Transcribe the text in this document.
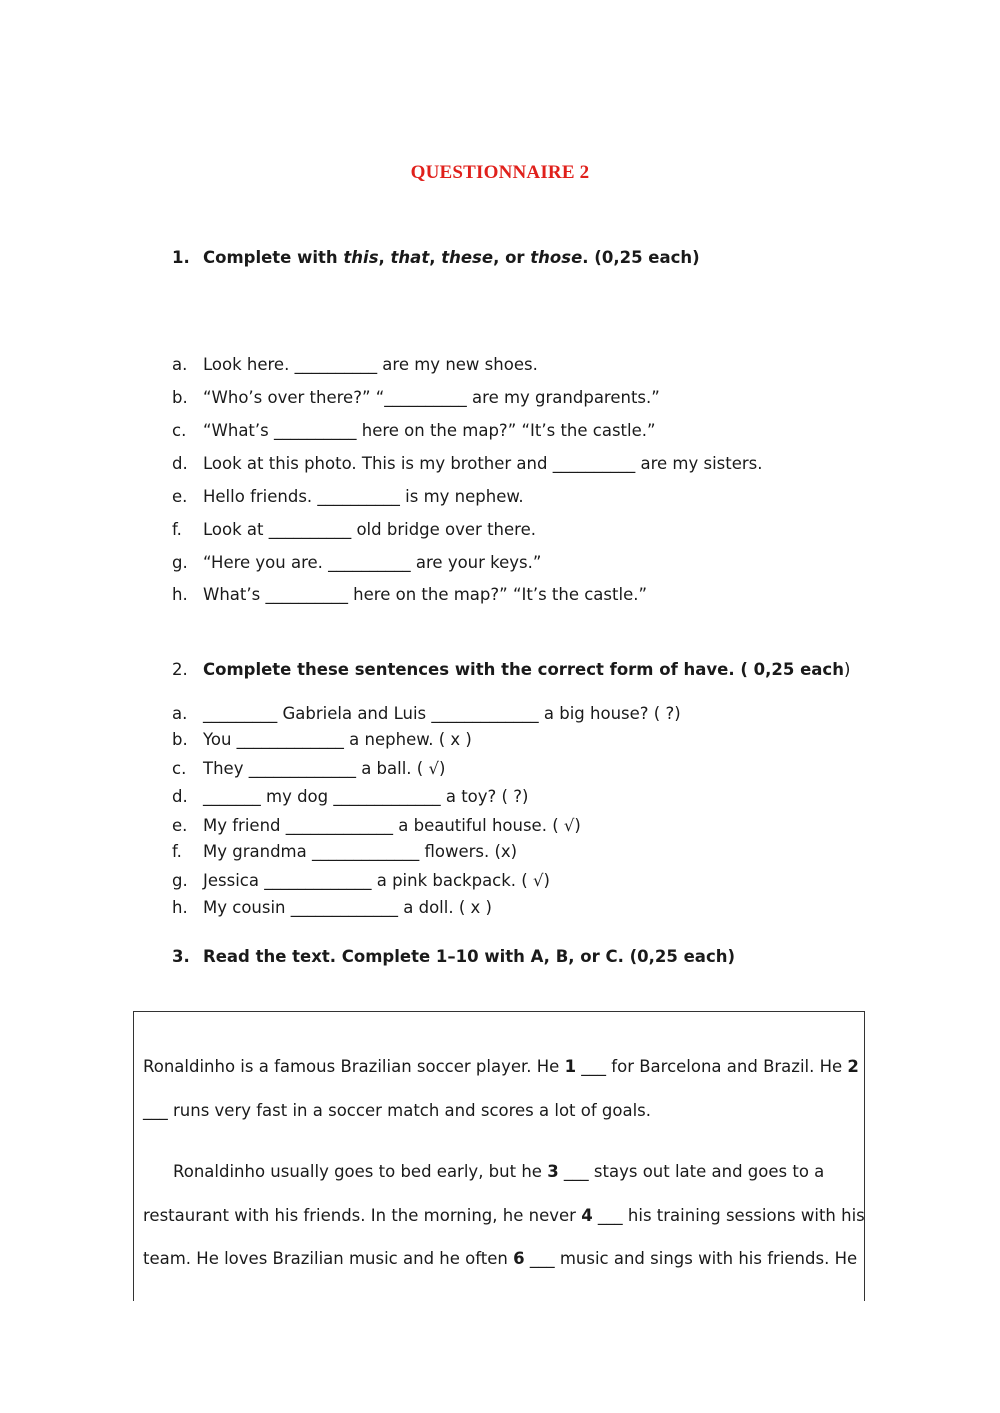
QUESTIONNAIRE 2
1. Complete with this, that, these, or those. (0,25 each)
a. Look here. __________ are my new shoes.
b. “Who’s over there?” “__________ are my grandparents.”
c. “What’s __________ here on the map?” “It’s the castle.”
d. Look at this photo. This is my brother and __________ are my sisters.
e. Hello friends. __________ is my nephew.
f. Look at __________ old bridge over there.
g. “Here you are. __________ are your keys.”
h. What’s __________ here on the map?” “It’s the castle.”
2. Complete these sentences with the correct form of have. ( 0,25 each)
a. _________ Gabriela and Luis _____________ a big house? ( ?)
b. You _____________ a nephew. ( x )
c. They _____________ a ball. ( √)
d. _______ my dog _____________ a toy? ( ?)
e. My friend _____________ a beautiful house. ( √)
f. My grandma _____________ flowers. (x)
g. Jessica _____________ a pink backpack. ( √)
h. My cousin _____________ a doll. ( x )
3. Read the text. Complete 1–10 with A, B, or C. (0,25 each)
Ronaldinho is a famous Brazilian soccer player. He 1 ___ for Barcelona and Brazil. He 2
___ runs very fast in a soccer match and scores a lot of goals.
Ronaldinho usually goes to bed early, but he 3 ___ stays out late and goes to a
restaurant with his friends. In the morning, he never 4 ___ his training sessions with his
team. He loves Brazilian music and he often 6 ___ music and sings with his friends. He
